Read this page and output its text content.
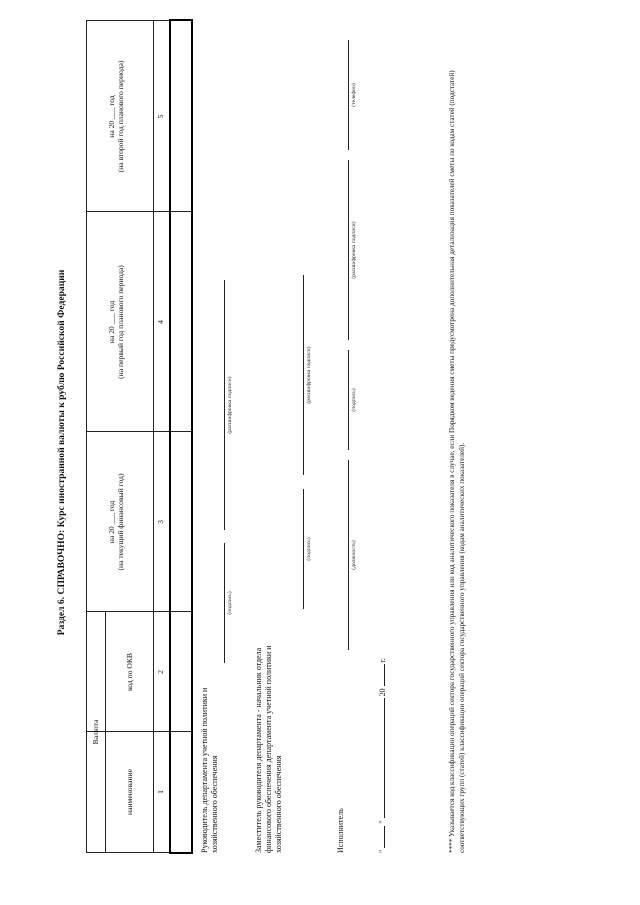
Раздел 6. СПРАВОЧНО: Курс иностранной валюты к рублю Российской Федерации
Валюта
наименование
код по ОКВ
на 20 ___ год (на текущий финансовый год)
на 20 ___ год (на первый год планового периода)
на 20 ___ год (на второй год планового периода)
1
2
3
4
5
Руководитель департамента учетной политики и хозяйственного обеспечения
(подпись)
(расшифровка подписи)
Заместитель руководителя департамента - начальник отдела финансового обеспечения департамента учетной политики и хозяйственного обеспечения
(подпись)
(расшифровка подписи)
Исполнитель
(должность)
(подпись)
(расшифровка подписи)
(телефон)
"  "  20  г.	**** Указывается код классификации операций сектора государственного управления или код аналитического показателя в случае, если Порядком ведения сметы предусмотрена дополнительная детализация показателей сметы по кодам статей (подстатей) соответствующих групп (статей) классификации операций сектора государственного управления (кодам аналитических показателей).
